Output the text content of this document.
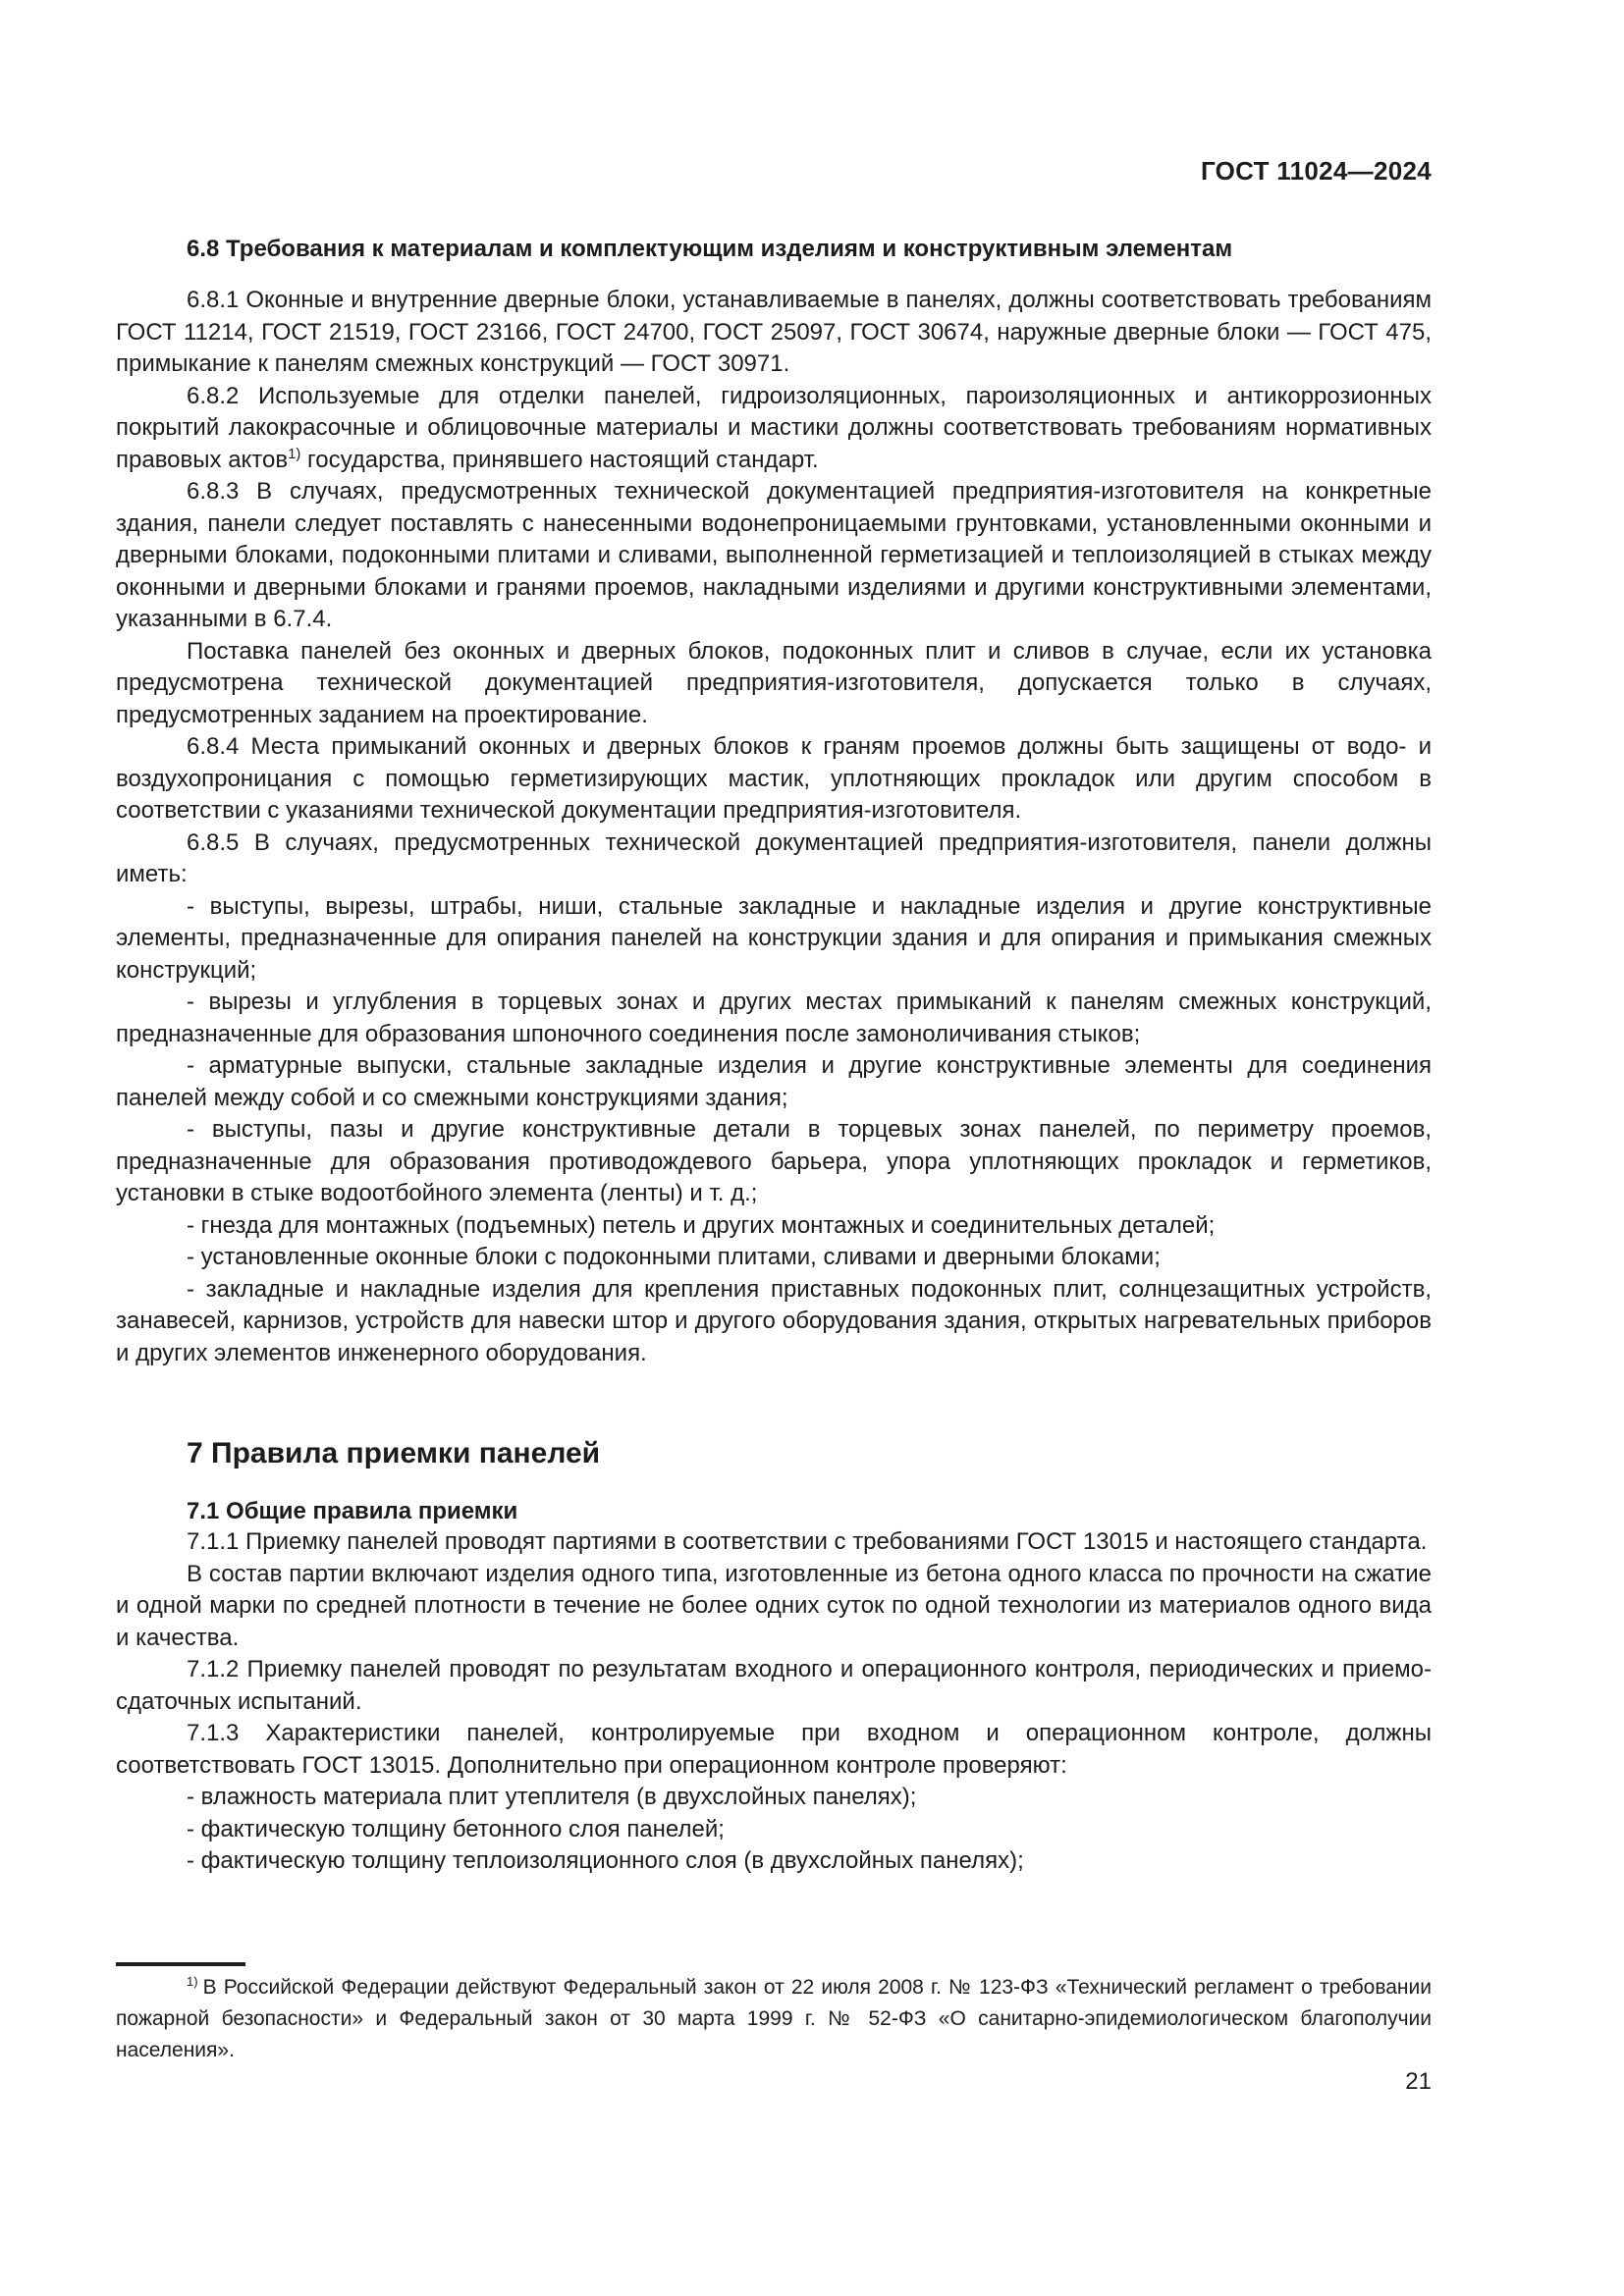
ГОСТ 11024—2024
6.8 Требования к материалам и комплектующим изделиям и конструктивным элементам

6.8.1 Оконные и внутренние дверные блоки, устанавливаемые в панелях, должны соответствовать требованиям ГОСТ 11214, ГОСТ 21519, ГОСТ 23166, ГОСТ 24700, ГОСТ 25097, ГОСТ 30674, наружные дверные блоки — ГОСТ 475, примыкание к панелям смежных конструкций — ГОСТ 30971.

6.8.2 Используемые для отделки панелей, гидроизоляционных, пароизоляционных и антикоррозионных покрытий лакокрасочные и облицовочные материалы и мастики должны соответствовать требованиям нормативных правовых актов$^{1)}$ государства, принявшего настоящий стандарт.

6.8.3 В случаях, предусмотренных технической документацией предприятия-изготовителя на конкретные здания, панели следует поставлять с нанесенными водонепроницаемыми грунтовками, установленными оконными и дверными блоками, подоконными плитами и сливами, выполненной герметизацией и теплоизоляцией в стыках между оконными и дверными блоками и гранями проемов, накладными изделиями и другими конструктивными элементами, указанными в 6.7.4.

Поставка панелей без оконных и дверных блоков, подоконных плит и сливов в случае, если их установка предусмотрена технической документацией предприятия-изготовителя, допускается только в случаях, предусмотренных заданием на проектирование.

6.8.4 Места примыканий оконных и дверных блоков к граням проемов должны быть защищены от водо- и воздухопроницания с помощью герметизирующих мастик, уплотняющих прокладок или другим способом в соответствии с указаниями технической документации предприятия-изготовителя.

6.8.5 В случаях, предусмотренных технической документацией предприятия-изготовителя, панели должны иметь:

- выступы, вырезы, штрабы, ниши, стальные закладные и накладные изделия и другие конструктивные элементы, предназначенные для опирания панелей на конструкции здания и для опирания и примыкания смежных конструкций;

- вырезы и углубления в торцевых зонах и других местах примыканий к панелям смежных конструкций, предназначенные для образования шпоночного соединения после замоноличивания стыков;

- арматурные выпуски, стальные закладные изделия и другие конструктивные элементы для соединения панелей между собой и со смежными конструкциями здания;

- выступы, пазы и другие конструктивные детали в торцевых зонах панелей, по периметру проемов, предназначенные для образования противодождевого барьера, упора уплотняющих прокладок и герметиков, установки в стыке водоотбойного элемента (ленты) и т. д.;

- гнезда для монтажных (подъемных) петель и других монтажных и соединительных деталей;

- установленные оконные блоки с подоконными плитами, сливами и дверными блоками;

- закладные и накладные изделия для крепления приставных подоконных плит, солнцезащитных устройств, занавесей, карнизов, устройств для навески штор и другого оборудования здания, открытых нагревательных приборов и других элементов инженерного оборудования.

7 Правила приемки панелей
7.1 Общие правила приемки

7.1.1 Приемку панелей проводят партиями в соответствии с требованиями ГОСТ 13015 и настоящего стандарта.

В состав партии включают изделия одного типа, изготовленные из бетона одного класса по прочности на сжатие и одной марки по средней плотности в течение не более одних суток по одной технологии из материалов одного вида и качества.

7.1.2 Приемку панелей проводят по результатам входного и операционного контроля, периодических и приемо-сдаточных испытаний.

7.1.3 Характеристики панелей, контролируемые при входном и операционном контроле, должны соответствовать ГОСТ 13015. Дополнительно при операционном контроле проверяют:

- влажность материала плит утеплителя (в двухслойных панелях);

- фактическую толщину бетонного слоя панелей;

- фактическую толщину теплоизоляционного слоя (в двухслойных панелях);

$^{1)}$ В Российской Федерации действуют Федеральный закон от 22 июля 2008 г. № 123-ФЗ «Технический регламент о требовании пожарной безопасности» и Федеральный закон от 30 марта 1999 г. № 52-ФЗ «О санитарно-эпидемиологическом благополучии населения».

21
